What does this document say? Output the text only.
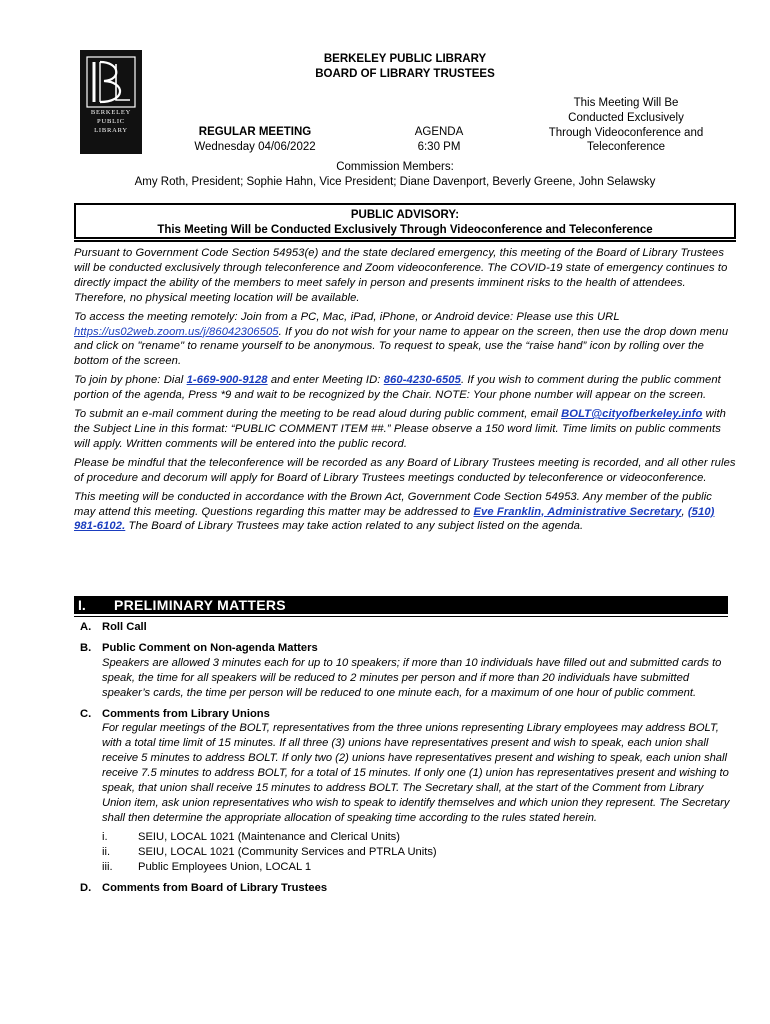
BERKELEY
PUBLIC
LIBRARY
BERKELEY PUBLIC LIBRARY
BOARD OF LIBRARY TRUSTEES
REGULAR MEETING
Wednesday 04/06/2022
AGENDA
6:30 PM
This Meeting Will Be
Conducted Exclusively
Through Videoconference and
Teleconference
Commission Members:
Amy Roth, President; Sophie Hahn, Vice President; Diane Davenport, Beverly Greene, John Selawsky
PUBLIC ADVISORY:
This Meeting Will be Conducted Exclusively Through Videoconference and Teleconference

Pursuant to Government Code Section 54953(e) and the state declared emergency, this meeting of the Board of Library Trustees will be conducted exclusively through teleconference and Zoom videoconference. The COVID-19 state of emergency continues to directly impact the ability of the members to meet safely in person and presents imminent risks to the health of attendees. Therefore, no physical meeting location will be available.

To access the meeting remotely: Join from a PC, Mac, iPad, iPhone, or Android device: Please use this URL https://us02web.zoom.us/j/86042306505. If you do not wish for your name to appear on the screen, then use the drop down menu and click on "rename" to rename yourself to be anonymous. To request to speak, use the “raise hand” icon by rolling over the bottom of the screen.

To join by phone: Dial 1-669-900-9128 and enter Meeting ID: 860-4230-6505. If you wish to comment during the public comment portion of the agenda, Press *9 and wait to be recognized by the Chair. NOTE: Your phone number will appear on the screen.

To submit an e-mail comment during the meeting to be read aloud during public comment, email BOLT@cityofberkeley.info with the Subject Line in this format: “PUBLIC COMMENT ITEM ##.” Please observe a 150 word limit. Time limits on public comments will apply. Written comments will be entered into the public record.

Please be mindful that the teleconference will be recorded as any Board of Library Trustees meeting is recorded, and all other rules of procedure and decorum will apply for Board of Library Trustees meetings conducted by teleconference or videoconference.

This meeting will be conducted in accordance with the Brown Act, Government Code Section 54953. Any member of the public may attend this meeting. Questions regarding this matter may be addressed to Eve Franklin, Administrative Secretary, (510) 981-6102. The Board of Library Trustees may take action related to any subject listed on the agenda.

I. PRELIMINARY MATTERS
A. Roll Call
B. Public Comment on Non-agenda Matters
Speakers are allowed 3 minutes each for up to 10 speakers; if more than 10 individuals have filled out and submitted cards to speak, the time for all speakers will be reduced to 2 minutes per person and if more than 20 individuals have submitted speaker’s cards, the time per person will be reduced to one minute each, for a maximum of one hour of public comment.
C. Comments from Library Unions
For regular meetings of the BOLT, representatives from the three unions representing Library employees may address BOLT, with a total time limit of 15 minutes. If all three (3) unions have representatives present and wish to speak, each union shall receive 5 minutes to address BOLT. If only two (2) unions have representatives present and wishing to speak, each union shall receive 7.5 minutes to address BOLT, for a total of 15 minutes. If only one (1) union has representatives present and wishing to speak, that union shall receive 15 minutes to address BOLT. The Secretary shall, at the start of the Comment from Library Union item, ask union representatives who wish to speak to identify themselves and which union they represent. The Secretary shall then determine the appropriate allocation of speaking time according to the rules stated herein.
i.	SEIU, LOCAL 1021 (Maintenance and Clerical Units)
ii. SEIU, LOCAL 1021 (Community Services and PTRLA Units)
iii. Public Employees Union, LOCAL 1
D. Comments from Board of Library Trustees
